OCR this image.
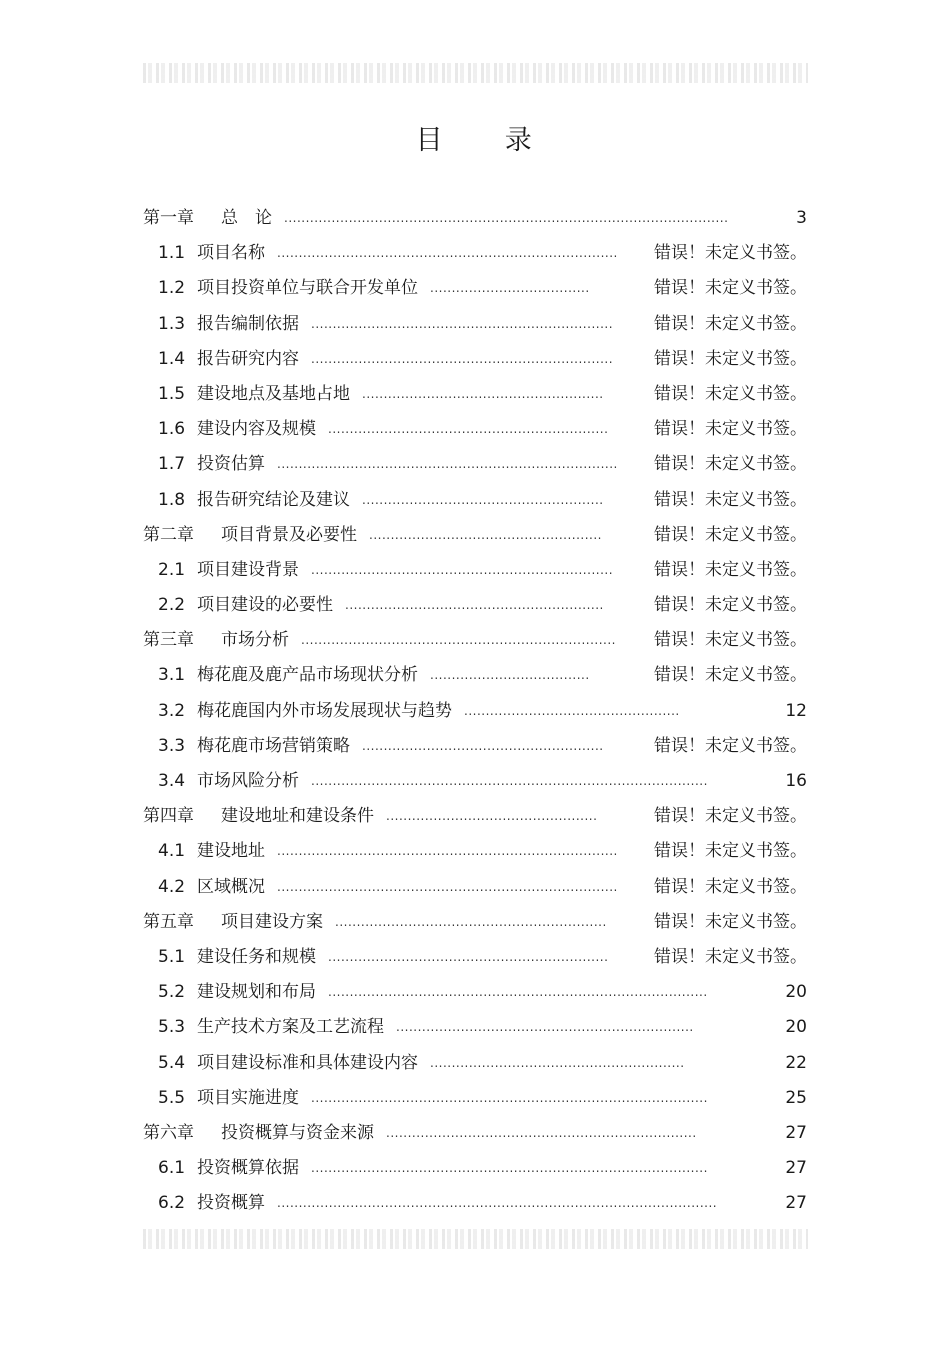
目　　录
第一章 总　论 .......................................................................................................	3
1.1 项目名称 ............................................................................... 错误！未定义书签。
1.2 项目投资单位与联合开发单位 .....................................	错误！未定义书签。
1.3 报告编制依据 ...................................................................... 错误！未定义书签。
1.4 报告研究内容 ...................................................................... 错误！未定义书签。
1.5 建设地点及基地占地 ........................................................	错误！未定义书签。
1.6 建设内容及规模 .................................................................	错误！未定义书签。
1.7 投资估算 ............................................................................... 错误！未定义书签。
1.8 报告研究结论及建议 ........................................................	错误！未定义书签。
第二章 项目背景及必要性 ......................................................	错误！未定义书签。
2.1 项目建设背景 ...................................................................... 错误！未定义书签。
2.2 项目建设的必要性 ............................................................	错误！未定义书签。
第三章 市场分析 ......................................................................... 错误！未定义书签。
3.1 梅花鹿及鹿产品市场现状分析 .....................................	错误！未定义书签。
3.2 梅花鹿国内外市场发展现状与趋势 ..................................................	12
3.3 梅花鹿市场营销策略 ........................................................	错误！未定义书签。
3.4 市场风险分析 ............................................................................................	16
第四章 建设地址和建设条件 .................................................	错误！未定义书签。
4.1 建设地址 ............................................................................... 错误！未定义书签。
4.2 区域概况 ............................................................................... 错误！未定义书签。
第五章 项目建设方案 ...............................................................	错误！未定义书签。
5.1 建设任务和规模 .................................................................	错误！未定义书签。
5.2 建设规划和布局 ........................................................................................	20
5.3 生产技术方案及工艺流程 .....................................................................	20
5.4 项目建设标准和具体建设内容 ...........................................................	22
5.5 项目实施进度 ............................................................................................	25
第六章 投资概算与资金来源 ........................................................................	27
6.1 投资概算依据 ............................................................................................	27
6.2 投资概算 ......................................................................................................	27
